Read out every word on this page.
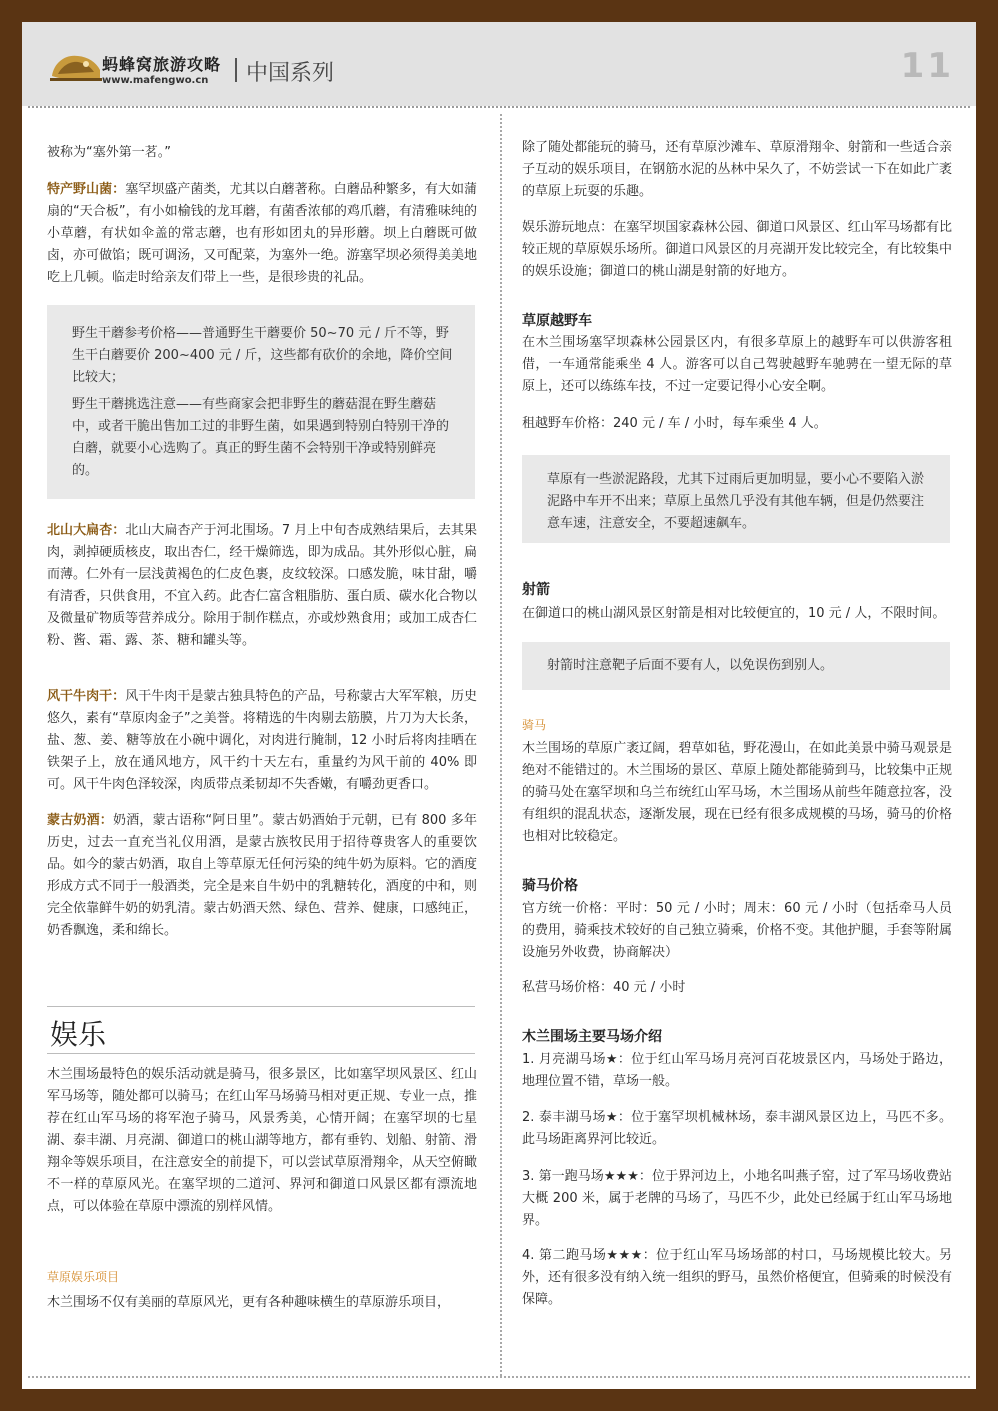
蚂蜂窝旅游攻略
www.mafengwo.cn 中国系列	11
被称为“塞外第一茗。”
特产野山菌：塞罕坝盛产菌类，尤其以白蘑著称。白蘑品种繁多，有大如蒲扇的“天合板”，有小如榆钱的龙耳蘑，有菌香浓郁的鸡爪蘑，有清雅味纯的小草蘑，有状如伞盖的常志蘑，也有形如团丸的异形蘑。坝上白蘑既可做卤，亦可做馅；既可调汤，又可配菜，为塞外一绝。游塞罕坝必须得美美地吃上几顿。临走时给亲友们带上一些，是很珍贵的礼品。
野生干蘑参考价格——普通野生干蘑要价 50~70 元 / 斤不等，野生干白蘑要价 200~400 元 / 斤，这些都有砍价的余地，降价空间比较大；
野生干蘑挑选注意——有些商家会把非野生的蘑菇混在野生蘑菇中，或者干脆出售加工过的非野生菌，如果遇到特别白特别干净的白蘑，就要小心选购了。真正的野生菌不会特别干净或特别鲜亮的。
北山大扁杏：北山大扁杏产于河北围场。7 月上中旬杏成熟结果后，去其果肉，剥掉硬质核皮，取出杏仁，经干燥筛选，即为成品。其外形似心脏，扁而薄。仁外有一层浅黄褐色的仁皮色裹，皮纹较深。口感发脆，味甘甜，嚼有清香，只供食用，不宜入药。此杏仁富含粗脂肪、蛋白质、碳水化合物以及微量矿物质等营养成分。除用于制作糕点，亦或炒熟食用；或加工成杏仁粉、酱、霜、露、茶、糖和罐头等。
风干牛肉干：风干牛肉干是蒙古独具特色的产品，号称蒙古大军军粮，历史悠久，素有“草原肉金子”之美誉。将精选的牛肉剔去筋膜，片刀为大长条，盐、葱、姜、糖等放在小碗中调化，对肉进行腌制，12 小时后将肉挂晒在铁架子上，放在通风地方，风干约十天左右，重量约为风干前的 40% 即可。风干牛肉色泽较深，肉质带点柔韧却不失香嫩，有嚼劲更香口。
蒙古奶酒：奶酒，蒙古语称“阿日里”。蒙古奶酒始于元朝，已有 800 多年历史，过去一直充当礼仪用酒，是蒙古族牧民用于招待尊贵客人的重要饮品。如今的蒙古奶酒，取自上等草原无任何污染的纯牛奶为原料。它的酒度形成方式不同于一般酒类，完全是来自牛奶中的乳糖转化，酒度的中和，则完全依靠鲜牛奶的奶乳清。蒙古奶酒天然、绿色、营养、健康，口感纯正，奶香飘逸，柔和绵长。
娱乐
木兰围场最特色的娱乐活动就是骑马，很多景区，比如塞罕坝风景区、红山军马场等，随处都可以骑马；在红山军马场骑马相对更正规、专业一点，推荐在红山军马场的将军泡子骑马，风景秀美，心情开阔；在塞罕坝的七星湖、泰丰湖、月亮湖、御道口的桃山湖等地方，都有垂钓、划船、射箭、滑翔伞等娱乐项目，在注意安全的前提下，可以尝试草原滑翔伞，从天空俯瞰不一样的草原风光。在塞罕坝的二道河、界河和御道口风景区都有漂流地点，可以体验在草原中漂流的别样风情。
草原娱乐项目
木兰围场不仅有美丽的草原风光，更有各种趣味横生的草原游乐项目，
除了随处都能玩的骑马，还有草原沙滩车、草原滑翔伞、射箭和一些适合亲子互动的娱乐项目，在钢筋水泥的丛林中呆久了，不妨尝试一下在如此广袤的草原上玩耍的乐趣。
娱乐游玩地点：在塞罕坝国家森林公园、御道口风景区、红山军马场都有比较正规的草原娱乐场所。御道口风景区的月亮湖开发比较完全，有比较集中的娱乐设施；御道口的桃山湖是射箭的好地方。
草原越野车
在木兰围场塞罕坝森林公园景区内，有很多草原上的越野车可以供游客租借，一车通常能乘坐 4 人。游客可以自己驾驶越野车驰骋在一望无际的草原上，还可以练练车技，不过一定要记得小心安全啊。
租越野车价格：240 元 / 车 / 小时，每车乘坐 4 人。
草原有一些淤泥路段，尤其下过雨后更加明显，要小心不要陷入淤泥路中车开不出来；草原上虽然几乎没有其他车辆，但是仍然要注意车速，注意安全，不要超速飙车。
射箭
在御道口的桃山湖风景区射箭是相对比较便宜的，10 元 / 人，不限时间。
射箭时注意靶子后面不要有人，以免误伤到别人。
骑马
木兰围场的草原广袤辽阔，碧草如毡，野花漫山，在如此美景中骑马观景是绝对不能错过的。木兰围场的景区、草原上随处都能骑到马，比较集中正规的骑马处在塞罕坝和乌兰布统红山军马场，木兰围场从前些年随意拉客，没有组织的混乱状态，逐渐发展，现在已经有很多成规模的马场，骑马的价格也相对比较稳定。
骑马价格
官方统一价格：平时：50 元 / 小时；周末：60 元 / 小时（包括牵马人员的费用，骑乘技术较好的自己独立骑乘，价格不变。其他护腿，手套等附属设施另外收费，协商解决）
私营马场价格：40 元 / 小时
木兰围场主要马场介绍
1. 月亮湖马场★：位于红山军马场月亮河百花坡景区内，马场处于路边，地理位置不错，草场一般。
2. 泰丰湖马场★：位于塞罕坝机械林场，泰丰湖风景区边上，马匹不多。此马场距离界河比较近。
3. 第一跑马场★★★：位于界河边上，小地名叫燕子窑，过了军马场收费站大概 200 米，属于老牌的马场了，马匹不少，此处已经属于红山军马场地界。
4. 第二跑马场★★★：位于红山军马场场部的村口，马场规模比较大。另外，还有很多没有纳入统一组织的野马，虽然价格便宜，但骑乘的时候没有保障。
